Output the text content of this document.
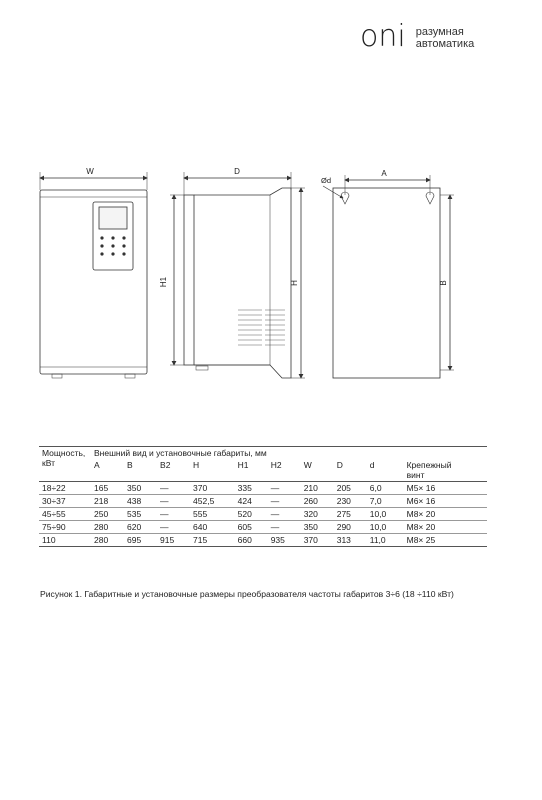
oni разумная
автоматика
W	D
H1	H
A
Ød
B
Мощность,
кВт	Внешний вид и установочные габариты, мм									
	A	B	B2	H	H1	H2	W	D	d	Крепежный
винт

18÷22	165	350	—	370	335	—	210	205	6,0	M5× 16
30÷37	218	438	—	452,5	424	—	260	230	7,0	M6× 16
45÷55	250	535	—	555	520	—	320	275	10,0	M8× 20
75÷90	280	620	—	640	605	—	350	290	10,0	M8× 20
110	280	695	915	715	660	935	370	313	11,0	M8× 25
Рисунок 1. Габаритные и установочные размеры преобразователя частоты габаритов 3÷6 (18 ÷110 кВт)
